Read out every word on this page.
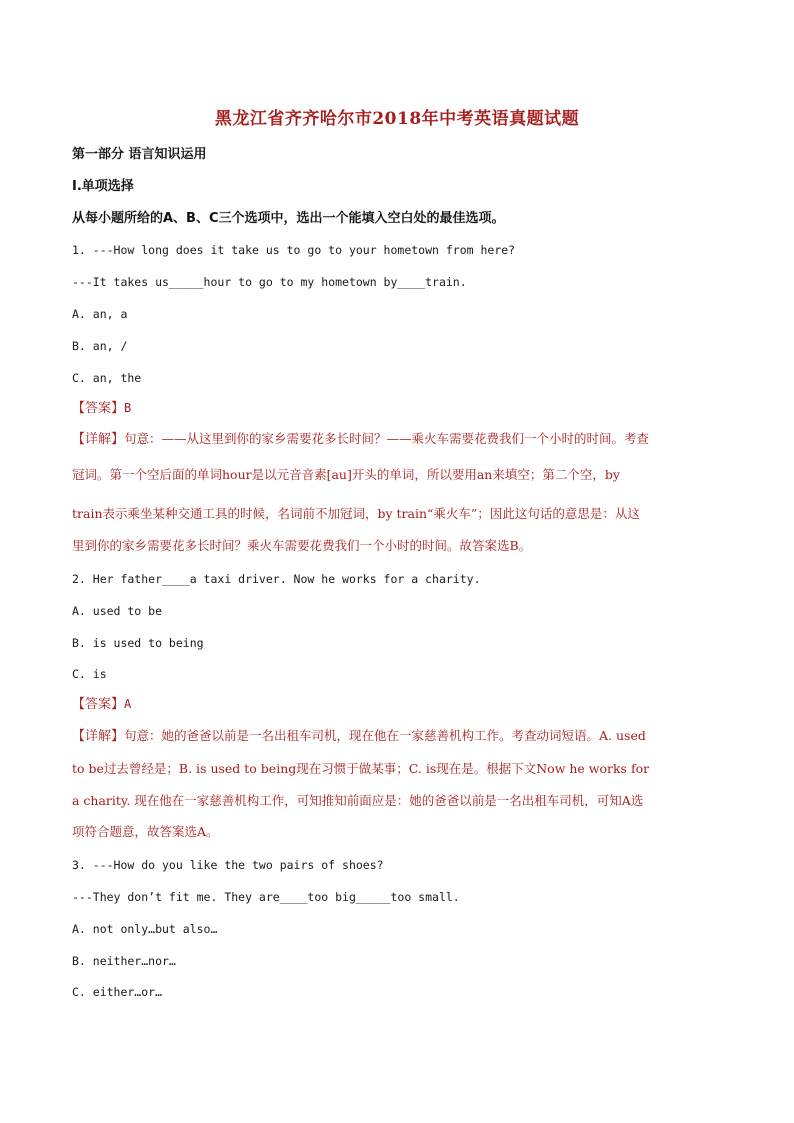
黑龙江省齐齐哈尔市2018年中考英语真题试题
第一部分 语言知识运用
Ⅰ.单项选择
从每小题所给的A、B、C三个选项中，选出一个能填入空白处的最佳选项。
1. ---How long does it take us to go to your hometown from here?
---It takes us_____hour to go to my hometown by____train.
A. an, a
B. an, /
C. an, the
【答案】B
【详解】句意：——从这里到你的家乡需要花多长时间？——乘火车需要花费我们一个小时的时间。考查
冠词。第一个空后面的单词hour是以元音音素[au]开头的单词，所以要用an来填空；第二个空，by
train表示乘坐某种交通工具的时候，名词前不加冠词，by train“乘火车”；因此这句话的意思是：从这
里到你的家乡需要花多长时间？乘火车需要花费我们一个小时的时间。故答案选B。
2. Her father____a taxi driver. Now he works for a charity.
A. used to be
B. is used to being
C. is
【答案】A
【详解】句意：她的爸爸以前是一名出租车司机，现在他在一家慈善机构工作。考查动词短语。A. used
to be过去曾经是；B. is used to being现在习惯于做某事；C. is现在是。根据下文Now he works for
a charity. 现在他在一家慈善机构工作，可知推知前面应是：她的爸爸以前是一名出租车司机，可知A选
项符合题意，故答案选A。
3. ---How do you like the two pairs of shoes?
---They don’t fit me. They are____too big_____too small.
A. not only…but also…
B. neither…nor…
C. either…or…
